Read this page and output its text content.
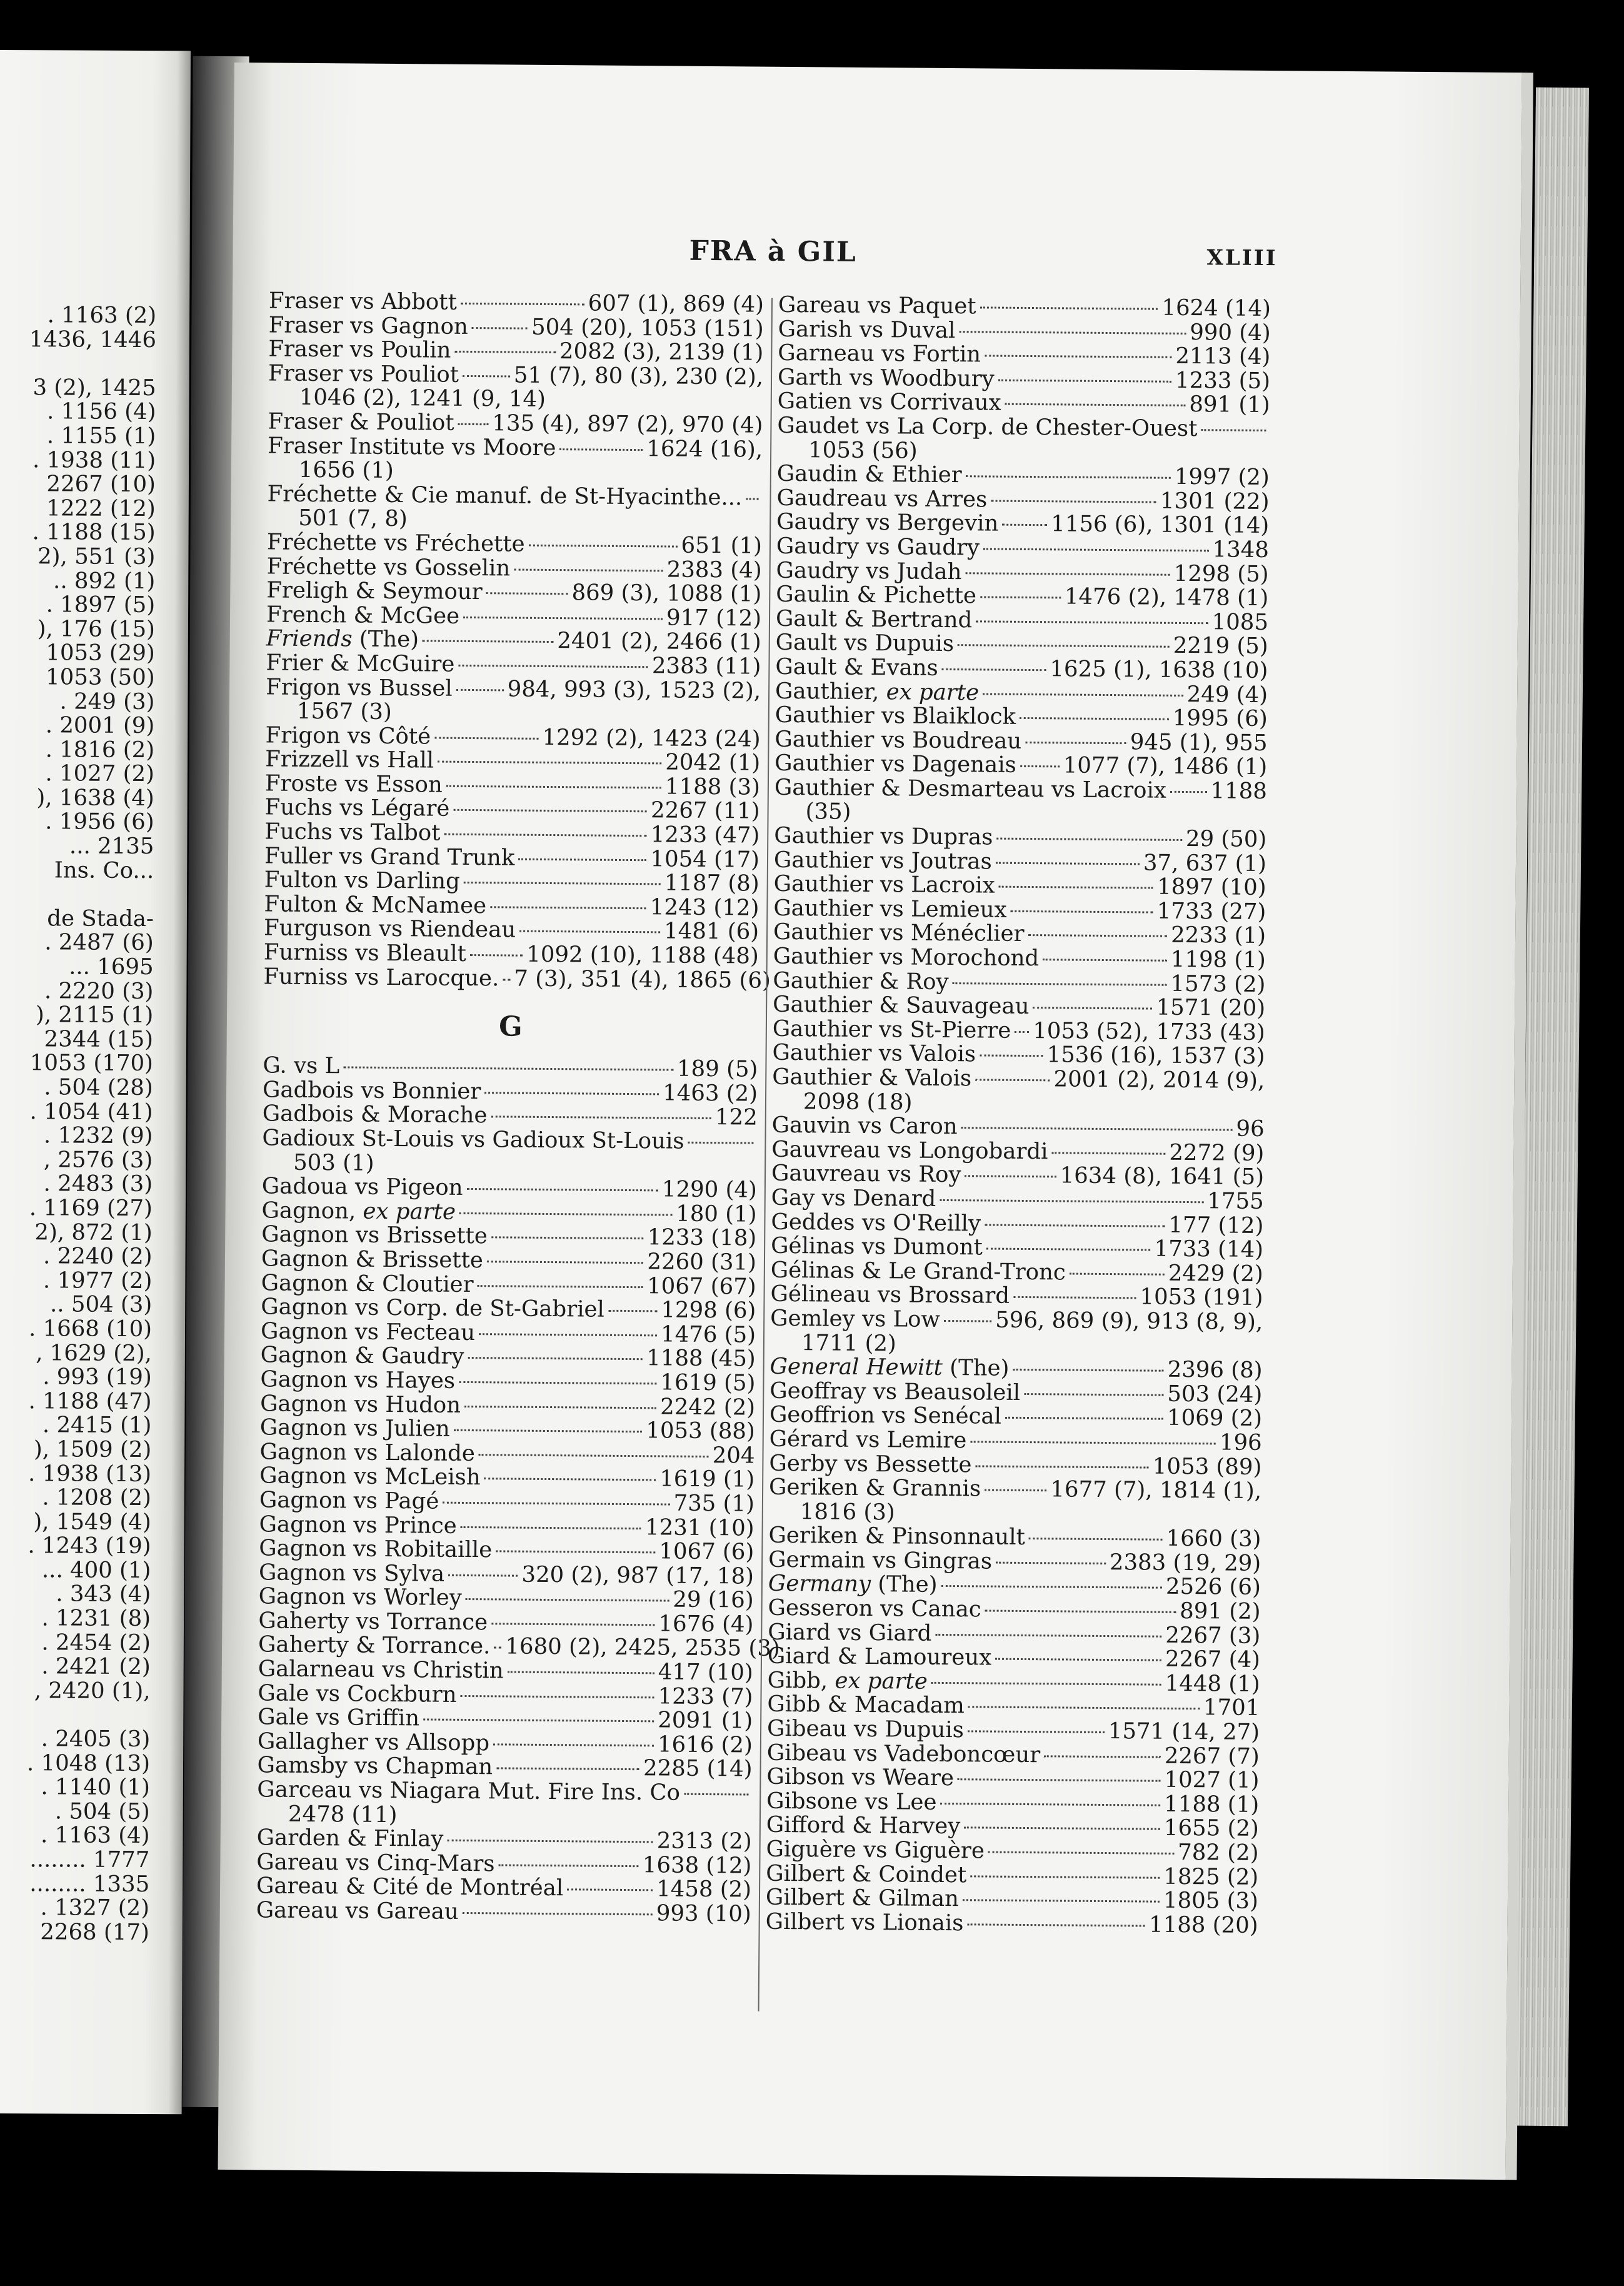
. 1163 (2)
1436, 1446

3 (2), 1425
. 1156 (4)
. 1155 (1)
. 1938 (11)
2267 (10)
1222 (12)
. 1188 (15)
2), 551 (3)
.. 892 (1)
. 1897 (5)
), 176 (15)
1053 (29)
1053 (50)
. 249 (3)
. 2001 (9)
. 1816 (2)
. 1027 (2)
), 1638 (4)
. 1956 (6)
... 2135
Ins. Co...

de Stada-
. 2487 (6)
... 1695
. 2220 (3)
), 2115 (1)
2344 (15)
1053 (170)
. 504 (28)
. 1054 (41)
. 1232 (9)
, 2576 (3)
. 2483 (3)
. 1169 (27)
2), 872 (1)
. 2240 (2)
. 1977 (2)
.. 504 (3)
. 1668 (10)
, 1629 (2),
. 993 (19)
. 1188 (47)
. 2415 (1)
), 1509 (2)
. 1938 (13)
. 1208 (2)
), 1549 (4)
. 1243 (19)
... 400 (1)
. 343 (4)
. 1231 (8)
. 2454 (2)
. 2421 (2)
, 2420 (1),

. 2405 (3)
. 1048 (13)
. 1140 (1)
. 504 (5)
. 1163 (4)
........ 1777
........ 1335
. 1327 (2)
2268 (17)
FRA à GIL	XLIII
Fraser vs Abbott	607 (1), 869 (4)
Fraser vs Gagnon	504 (20), 1053 (151)
Fraser vs Poulin	2082 (3), 2139 (1)
Fraser vs Pouliot 51 (7), 80 (3), 230 (2),
1046 (2), 1241 (9, 14)
Fraser & Pouliot 135 (4), 897 (2), 970 (4)
Fraser Institute vs Moore	1624 (16),
1656 (1)
Fréchette & Cie manuf. de St-Hyacinthe...
501 (7, 8)
Fréchette vs Fréchette	651 (1)
Fréchette vs Gosselin	2383 (4)
Freligh & Seymour	869 (3), 1088 (1)
French & McGee	917 (12)
Friends (The)	2401 (2), 2466 (1)
Frier & McGuire	2383 (11)
Frigon vs Bussel 984, 993 (3), 1523 (2),
1567 (3)
Frigon vs Côté	1292 (2), 1423 (24)
Frizzell vs Hall	2042 (1)
Froste vs Esson	1188 (3)
Fuchs vs Légaré	2267 (11)
Fuchs vs Talbot	1233 (47)
Fuller vs Grand Trunk	1054 (17)
Fulton vs Darling	1187 (8)
Fulton & McNamee	1243 (12)
Furguson vs Riendeau	1481 (6)
Furniss vs Bleault	1092 (10), 1188 (48)
Furniss vs Larocque. 7 (3), 351 (4), 1865 (6)
G
G. vs L	189 (5)
Gadbois vs Bonnier	1463 (2)
Gadbois & Morache	122
Gadioux St-Louis vs Gadioux St-Louis
503 (1)
Gadoua vs Pigeon	1290 (4)
Gagnon, ex parte	180 (1)
Gagnon vs Brissette	1233 (18)
Gagnon & Brissette	2260 (31)
Gagnon & Cloutier	1067 (67)
Gagnon vs Corp. de St-Gabriel	1298 (6)
Gagnon vs Fecteau	1476 (5)
Gagnon & Gaudry	1188 (45)
Gagnon vs Hayes	1619 (5)
Gagnon vs Hudon	2242 (2)
Gagnon vs Julien	1053 (88)
Gagnon vs Lalonde	204
Gagnon vs McLeish	1619 (1)
Gagnon vs Pagé	735 (1)
Gagnon vs Prince	1231 (10)
Gagnon vs Robitaille	1067 (6)
Gagnon vs Sylva	320 (2), 987 (17, 18)
Gagnon vs Worley	29 (16)
Gaherty vs Torrance	1676 (4)
Gaherty & Torrance. 1680 (2), 2425, 2535 (3)
Galarneau vs Christin	417 (10)
Gale vs Cockburn	1233 (7)
Gale vs Griffin	2091 (1)
Gallagher vs Allsopp	1616 (2)
Gamsby vs Chapman	2285 (14)
Garceau vs Niagara Mut. Fire Ins. Co
2478 (11)
Garden & Finlay	2313 (2)
Gareau vs Cinq-Mars	1638 (12)
Gareau & Cité de Montréal	1458 (2)
Gareau vs Gareau	993 (10)
Gareau vs Paquet	1624 (14)
Garish vs Duval	990 (4)
Garneau vs Fortin	2113 (4)
Garth vs Woodbury	1233 (5)
Gatien vs Corrivaux	891 (1)
Gaudet vs La Corp. de Chester-Ouest
1053 (56)
Gaudin & Ethier	1997 (2)
Gaudreau vs Arres	1301 (22)
Gaudry vs Bergevin 1156 (6), 1301 (14)
Gaudry vs Gaudry	1348
Gaudry vs Judah	1298 (5)
Gaulin & Pichette	1476 (2), 1478 (1)
Gault & Bertrand	1085
Gault vs Dupuis	2219 (5)
Gault & Evans	1625 (1), 1638 (10)
Gauthier, ex parte	249 (4)
Gauthier vs Blaiklock	1995 (6)
Gauthier vs Boudreau	945 (1), 955
Gauthier vs Dagenais 1077 (7), 1486 (1)
Gauthier & Desmarteau vs Lacroix 1188
(35)
Gauthier vs Dupras	29 (50)
Gauthier vs Joutras	37, 637 (1)
Gauthier vs Lacroix	1897 (10)
Gauthier vs Lemieux	1733 (27)
Gauthier vs Ménéclier	2233 (1)
Gauthier vs Morochond	1198 (1)
Gauthier & Roy	1573 (2)
Gauthier & Sauvageau	1571 (20)
Gauthier vs St-Pierre 1053 (52), 1733 (43)
Gauthier vs Valois	1536 (16), 1537 (3)
Gauthier & Valois	2001 (2), 2014 (9),
2098 (18)
Gauvin vs Caron	96
Gauvreau vs Longobardi	2272 (9)
Gauvreau vs Roy	1634 (8), 1641 (5)
Gay vs Denard	1755
Geddes vs O'Reilly	177 (12)
Gélinas vs Dumont	1733 (14)
Gélinas & Le Grand-Tronc	2429 (2)
Gélineau vs Brossard	1053 (191)
Gemley vs Low 596, 869 (9), 913 (8, 9),
1711 (2)
General Hewitt (The)	2396 (8)
Geoffray vs Beausoleil	503 (24)
Geoffrion vs Senécal	1069 (2)
Gérard vs Lemire	196
Gerby vs Bessette	1053 (89)
Geriken & Grannis	1677 (7), 1814 (1),
1816 (3)
Geriken & Pinsonnault	1660 (3)
Germain vs Gingras	2383 (19, 29)
Germany (The)	2526 (6)
Gesseron vs Canac	891 (2)
Giard vs Giard	2267 (3)
Giard & Lamoureux	2267 (4)
Gibb, ex parte	1448 (1)
Gibb & Macadam	1701
Gibeau vs Dupuis	1571 (14, 27)
Gibeau vs Vadeboncœur	2267 (7)
Gibson vs Weare	1027 (1)
Gibsone vs Lee	1188 (1)
Gifford & Harvey	1655 (2)
Giguère vs Giguère	782 (2)
Gilbert & Coindet	1825 (2)
Gilbert & Gilman	1805 (3)
Gilbert vs Lionais	1188 (20)
